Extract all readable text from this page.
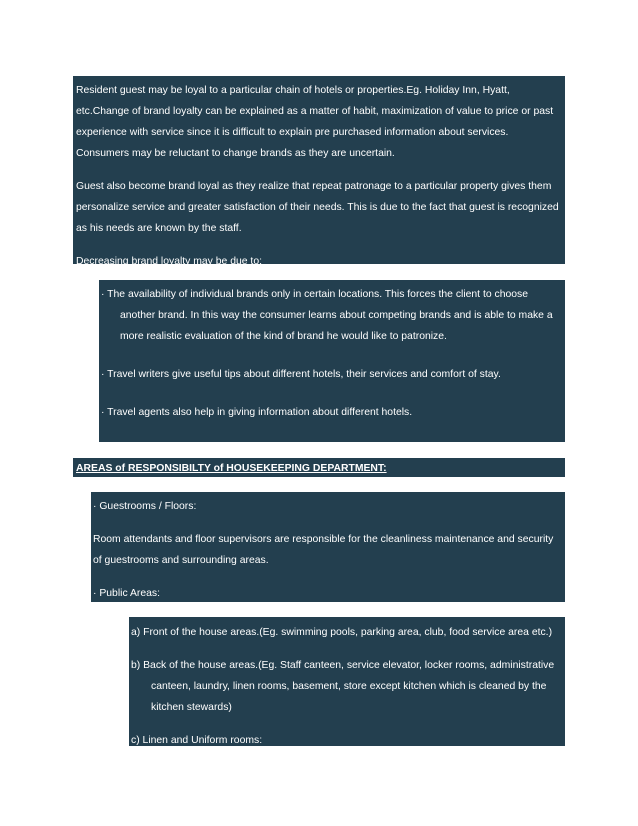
Resident guest may be loyal to a particular chain of hotels or properties.Eg. Holiday Inn, Hyatt,

etc.Change of brand loyalty can be explained as a matter of habit, maximization of value to price or past

experience with service since it is difficult to explain pre purchased information about services.

Consumers may be reluctant to change brands as they are uncertain.

Guest also become brand loyal as they realize that repeat patronage to a particular property gives them

personalize service and greater satisfaction of their needs. This is due to the fact that guest is recognized

as his needs are known by the staff.

Decreasing brand loyalty may be due to:

· The availability of individual brands only in certain locations. This forces the client to choose

another brand. In this way the consumer learns about competing brands and is able to make a

more realistic evaluation of the kind of brand he would like to patronize.

· Travel writers give useful tips about different hotels, their services and comfort of stay.

· Travel agents also help in giving information about different hotels.

· Trade magazines often do monthly assessments of different hotels.

AREAS of RESPONSIBILTY of HOUSEKEEPING DEPARTMENT:

· Guestrooms / Floors:

Room attendants and floor supervisors are responsible for the cleanliness maintenance and security

of guestrooms and surrounding areas.

· Public Areas:

a) Front of the house areas.(Eg. swimming pools, parking area, club, food service area etc.)

b) Back of the house areas.(Eg. Staff canteen, service elevator, locker rooms, administrative

canteen, laundry, linen rooms, basement, store except kitchen which is cleaned by the

kitchen stewards)

c) Linen and Uniform rooms:
